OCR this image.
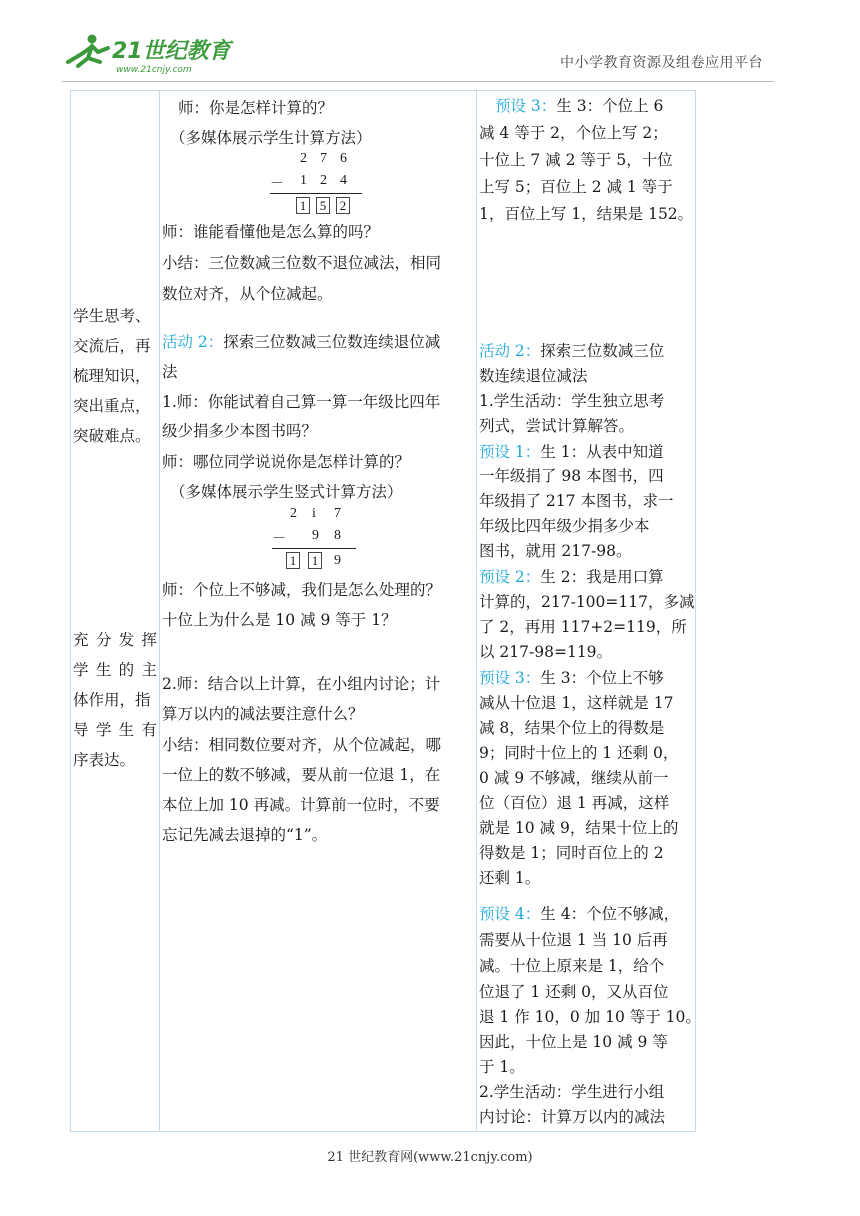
21世纪教育
www.21cnjy.com	中小学教育资源及组卷应用平台
学生思考、
交流后，再
梳理知识，
突出重点，
突破难点。
充分发挥
学生的主
体作用，指
导学生有
序表达。

师：你是怎样计算的？
（多媒体展示学生计算方法）
2 7 6
－ 1 2 4
1 5 2
师：谁能看懂他是怎么算的吗？
小结：三位数减三位数不退位减法，相同
数位对齐，从个位减起。
活动 2：探索三位数减三位数连续退位减
法
1.师：你能试着自己算一算一年级比四年
级少捐多少本图书吗？
师：哪位同学说说你是怎样计算的？
（多媒体展示学生竖式计算方法）
2 i 7
－ 9 8
1 1 9
师：个位上不够减，我们是怎么处理的？
十位上为什么是 10 减 9 等于 1？
2.师：结合以上计算，在小组内讨论；计
算万以内的减法要注意什么？
小结：相同数位要对齐，从个位减起，哪
一位上的数不够减，要从前一位退 1，在
本位上加 10 再减。计算前一位时，不要
忘记先减去退掉的“1”。

预设 3：生 3：个位上 6
减 4 等于 2，个位上写 2；
十位上 7 减 2 等于 5，十位
上写 5；百位上 2 减 1 等于
1，百位上写 1，结果是 152。
活动 2：探索三位数减三位
数连续退位减法
1.学生活动：学生独立思考
列式，尝试计算解答。
预设 1：生 1：从表中知道
一年级捐了 98 本图书，四
年级捐了 217 本图书，求一
年级比四年级少捐多少本
图书，就用 217-98。
预设 2：生 2：我是用口算
计算的，217-100=117，多减
了 2，再用 117+2=119，所
以 217-98=119。
预设 3：生 3：个位上不够
减从十位退 1，这样就是 17
减 8，结果个位上的得数是
9；同时十位上的 1 还剩 0，
0 减 9 不够减，继续从前一
位（百位）退 1 再减，这样
就是 10 减 9，结果十位上的
得数是 1；同时百位上的 2
还剩 1。
预设 4：生 4：个位不够减，
需要从十位退 1 当 10 后再
减。十位上原来是 1，给个
位退了 1 还剩 0，又从百位
退 1 作 10，0 加 10 等于 10。
因此，十位上是 10 减 9 等
于 1。
2.学生活动：学生进行小组
内讨论：计算万以内的减法
21 世纪教育网(www.21cnjy.com)
